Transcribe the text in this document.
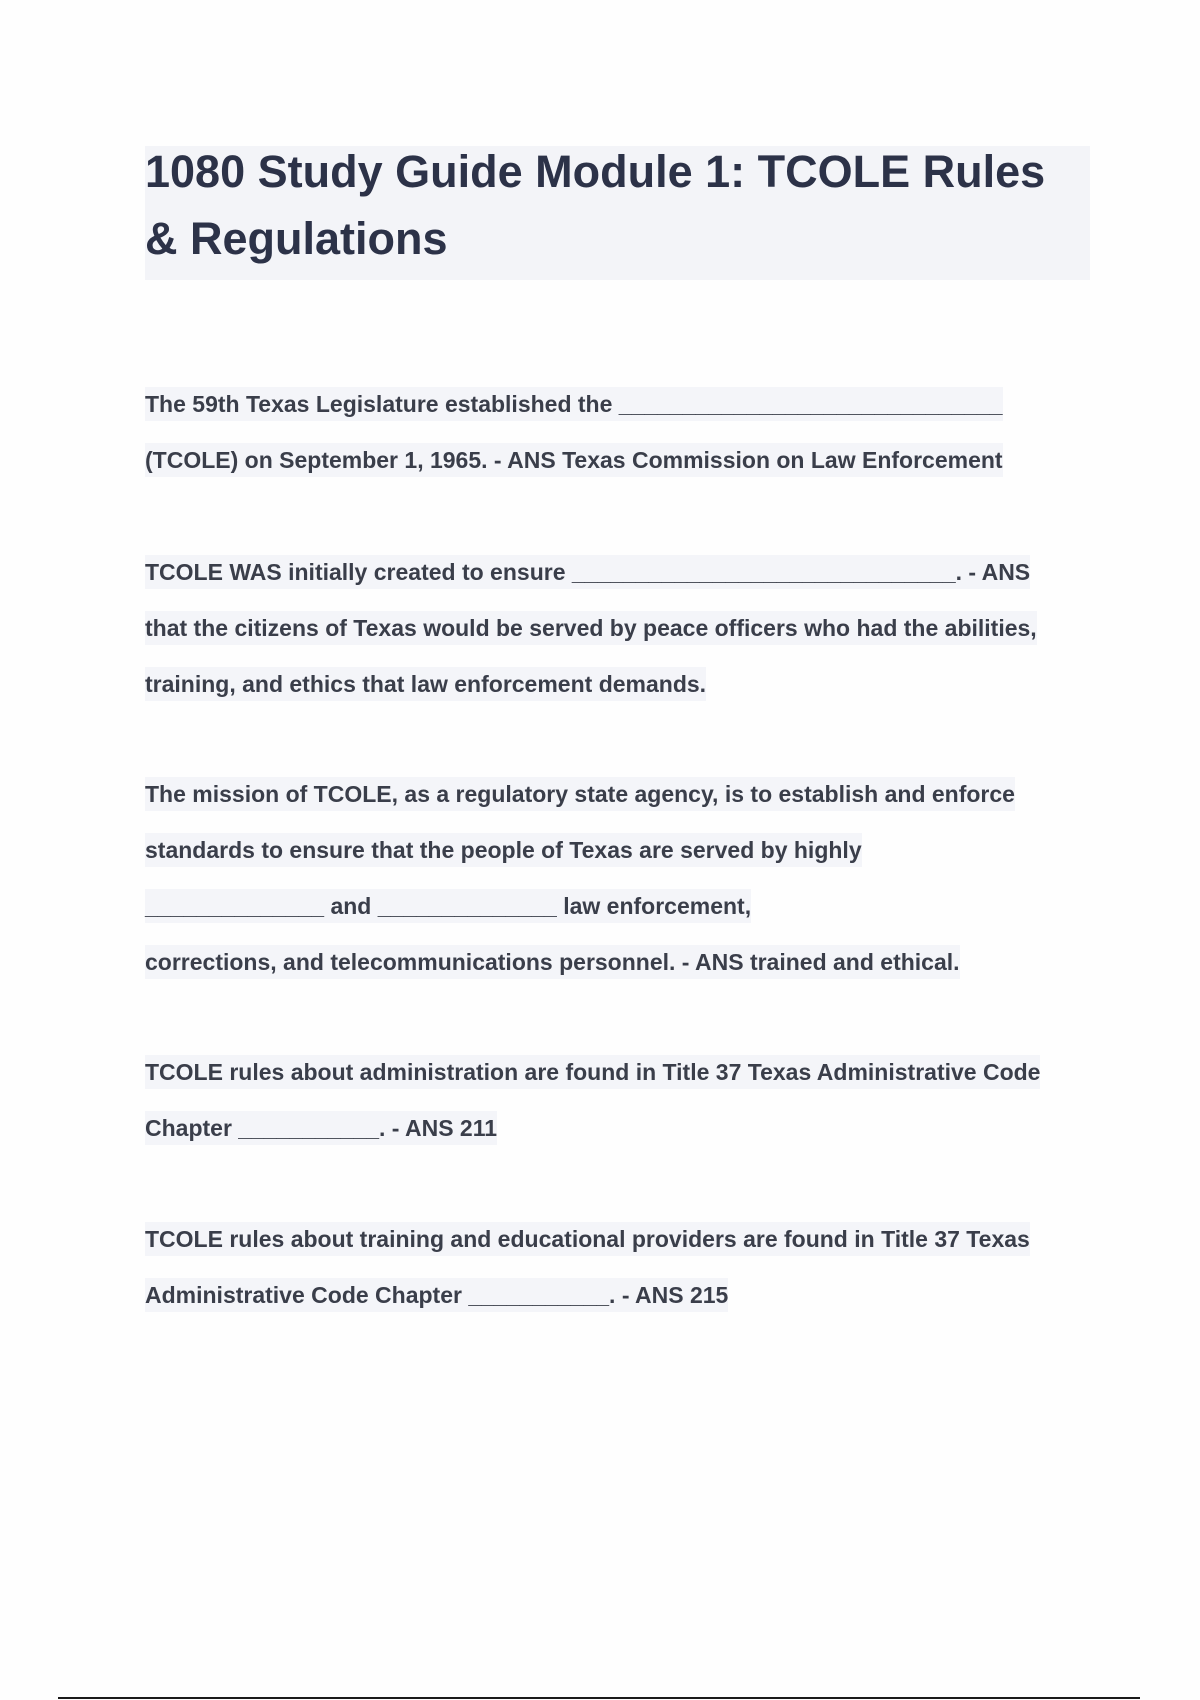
1080 Study Guide Module 1: TCOLE Rules & Regulations
The 59th Texas Legislature established the ______________________________
(TCOLE) on September 1, 1965. - ANS Texas Commission on Law Enforcement
TCOLE WAS initially created to ensure ______________________________. - ANS
that the citizens of Texas would be served by peace officers who had the abilities,
training, and ethics that law enforcement demands.
The mission of TCOLE, as a regulatory state agency, is to establish and enforce
standards to ensure that the people of Texas are served by highly
______________ and ______________ law enforcement,
corrections, and telecommunications personnel. - ANS trained and ethical.
TCOLE rules about administration are found in Title 37 Texas Administrative Code
Chapter ___________. - ANS 211
TCOLE rules about training and educational providers are found in Title 37 Texas
Administrative Code Chapter ___________. - ANS 215
